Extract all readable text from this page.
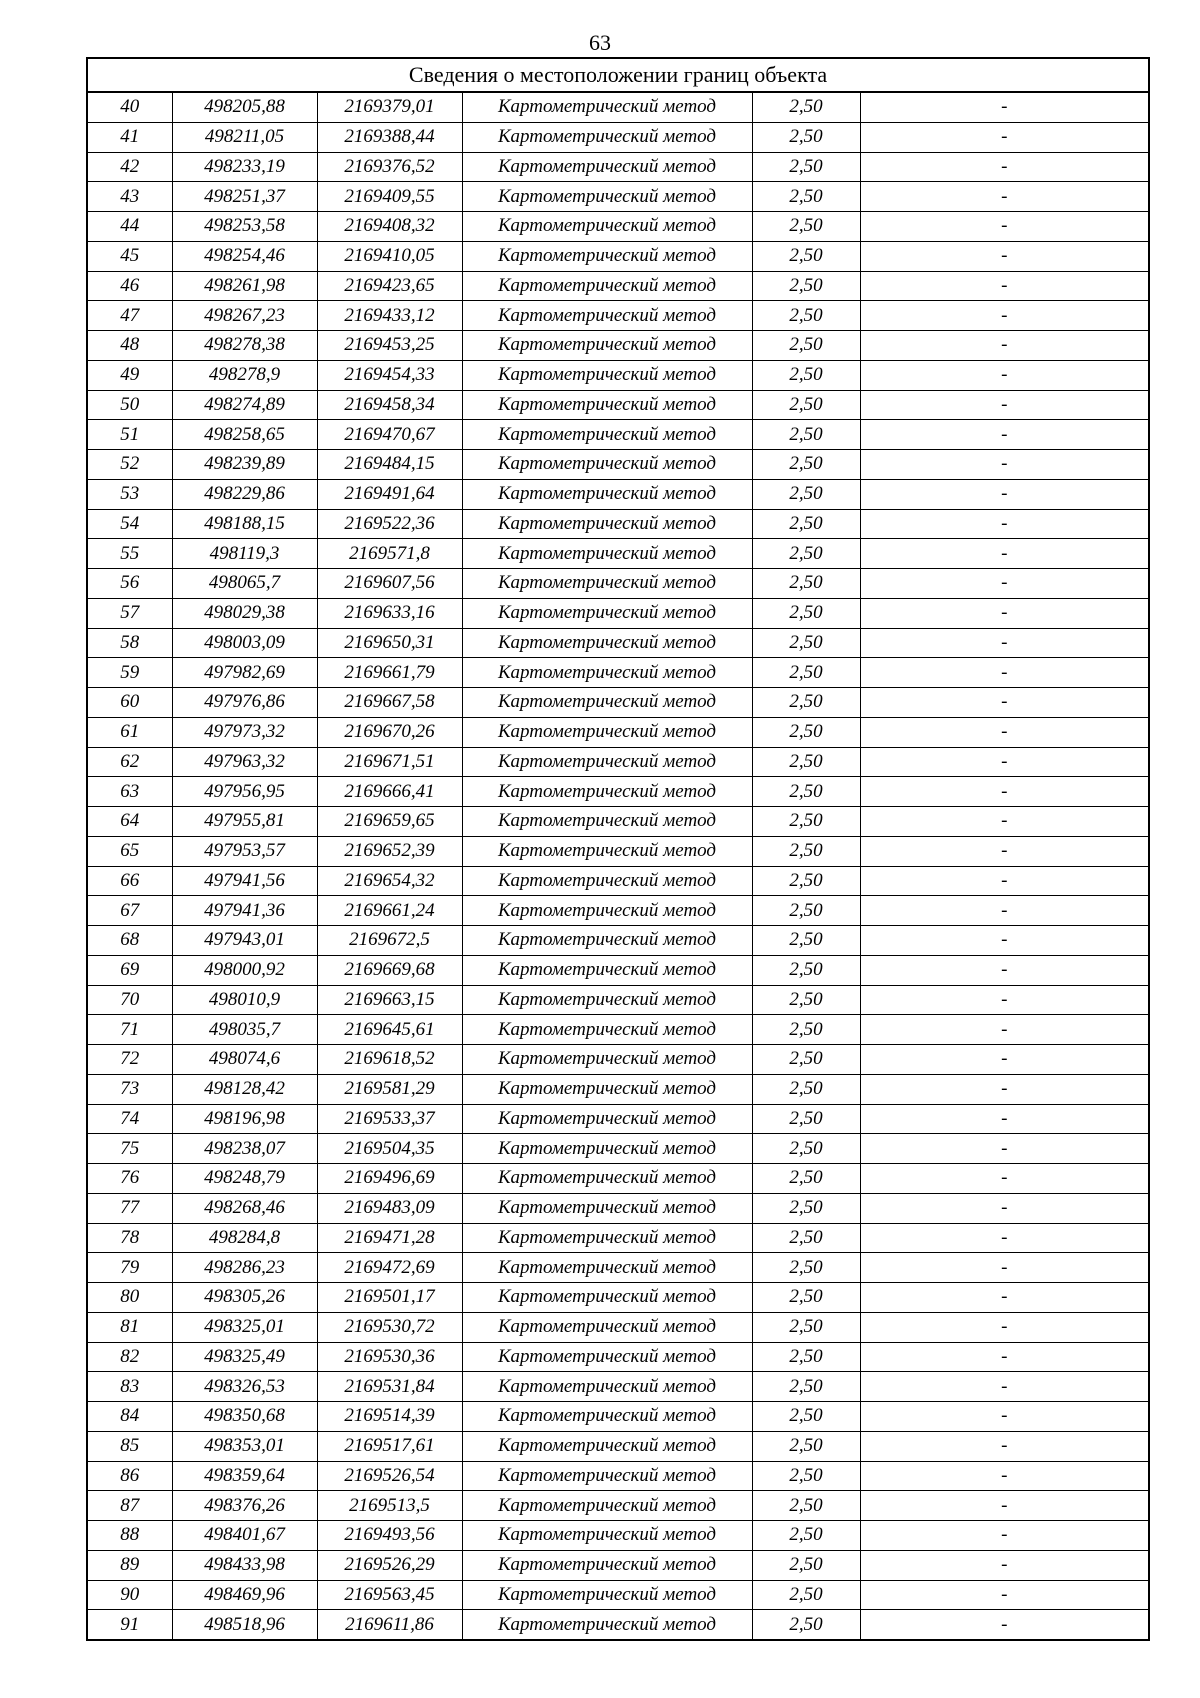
63
Сведения о местоположении границ объекта					
40	498205,88	2169379,01	Картометрический метод	2,50	-
41	498211,05	2169388,44	Картометрический метод	2,50	-
42	498233,19	2169376,52	Картометрический метод	2,50	-
43	498251,37	2169409,55	Картометрический метод	2,50	-
44	498253,58	2169408,32	Картометрический метод	2,50	-
45	498254,46	2169410,05	Картометрический метод	2,50	-
46	498261,98	2169423,65	Картометрический метод	2,50	-
47	498267,23	2169433,12	Картометрический метод	2,50	-
48	498278,38	2169453,25	Картометрический метод	2,50	-
49	498278,9	2169454,33	Картометрический метод	2,50	-
50	498274,89	2169458,34	Картометрический метод	2,50	-
51	498258,65	2169470,67	Картометрический метод	2,50	-
52	498239,89	2169484,15	Картометрический метод	2,50	-
53	498229,86	2169491,64	Картометрический метод	2,50	-
54	498188,15	2169522,36	Картометрический метод	2,50	-
55	498119,3	2169571,8	Картометрический метод	2,50	-
56	498065,7	2169607,56	Картометрический метод	2,50	-
57	498029,38	2169633,16	Картометрический метод	2,50	-
58	498003,09	2169650,31	Картометрический метод	2,50	-
59	497982,69	2169661,79	Картометрический метод	2,50	-
60	497976,86	2169667,58	Картометрический метод	2,50	-
61	497973,32	2169670,26	Картометрический метод	2,50	-
62	497963,32	2169671,51	Картометрический метод	2,50	-
63	497956,95	2169666,41	Картометрический метод	2,50	-
64	497955,81	2169659,65	Картометрический метод	2,50	-
65	497953,57	2169652,39	Картометрический метод	2,50	-
66	497941,56	2169654,32	Картометрический метод	2,50	-
67	497941,36	2169661,24	Картометрический метод	2,50	-
68	497943,01	2169672,5	Картометрический метод	2,50	-
69	498000,92	2169669,68	Картометрический метод	2,50	-
70	498010,9	2169663,15	Картометрический метод	2,50	-
71	498035,7	2169645,61	Картометрический метод	2,50	-
72	498074,6	2169618,52	Картометрический метод	2,50	-
73	498128,42	2169581,29	Картометрический метод	2,50	-
74	498196,98	2169533,37	Картометрический метод	2,50	-
75	498238,07	2169504,35	Картометрический метод	2,50	-
76	498248,79	2169496,69	Картометрический метод	2,50	-
77	498268,46	2169483,09	Картометрический метод	2,50	-
78	498284,8	2169471,28	Картометрический метод	2,50	-
79	498286,23	2169472,69	Картометрический метод	2,50	-
80	498305,26	2169501,17	Картометрический метод	2,50	-
81	498325,01	2169530,72	Картометрический метод	2,50	-
82	498325,49	2169530,36	Картометрический метод	2,50	-
83	498326,53	2169531,84	Картометрический метод	2,50	-
84	498350,68	2169514,39	Картометрический метод	2,50	-
85	498353,01	2169517,61	Картометрический метод	2,50	-
86	498359,64	2169526,54	Картометрический метод	2,50	-
87	498376,26	2169513,5	Картометрический метод	2,50	-
88	498401,67	2169493,56	Картометрический метод	2,50	-
89	498433,98	2169526,29	Картометрический метод	2,50	-
90	498469,96	2169563,45	Картометрический метод	2,50	-
91	498518,96	2169611,86	Картометрический метод	2,50	-
